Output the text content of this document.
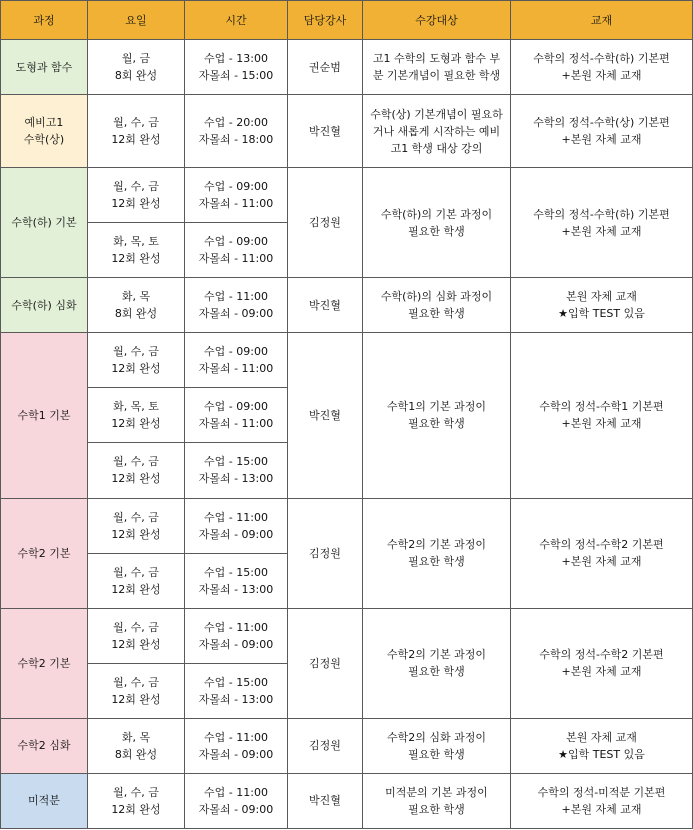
과정	요일	시간	담당강사	수강대상	교재
도형과 함수	월, 금
8회 완성	수업 - 13:00
자몰쇠 - 15:00	권순범	고1 수학의 도형과 함수 부
분 기본개념이 필요한 학생	수학의 정석-수학(하) 기본편
+본원 자체 교재

예비고1
수학(상)	월, 수, 금
12회 완성	수업 - 20:00
자몰쇠 - 18:00	박진혈	수학(상) 기본개념이 필요하
거나 새롭게 시작하는 예비
고1 학생 대상 강의	수학의 정석-수학(상) 기본편
+본원 자체 교재

수학(하) 기본	월, 수, 금
12회 완성	수업 - 09:00
자몰쇠 - 11:00	김정원	수학(하)의 기본 과정이
필요한 학생	수학의 정석-수학(하) 기본편
+본원 자체 교재

	화, 목, 토
12회 완성	수업 - 09:00
자몰쇠 - 11:00			

수학(하) 심화	화, 목
8회 완성	수업 - 11:00
자몰쇠 - 09:00	박진혈	수학(하)의 심화 과정이
필요한 학생	본원 자체 교재
★입학 TEST 있음

수학1 기본	월, 수, 금
12회 완성	수업 - 09:00
자몰쇠 - 11:00	박진혈	수학1의 기본 과정이
필요한 학생	수학의 정석-수학1 기본편
+본원 자체 교재

	화, 목, 토
12회 완성	수업 - 09:00
자몰쇠 - 11:00			

	월, 수, 금
12회 완성	수업 - 15:00
자몰쇠 - 13:00			

수학2 기본	월, 수, 금
12회 완성	수업 - 11:00
자몰쇠 - 09:00	김정원	수학2의 기본 과정이
필요한 학생	수학의 정석-수학2 기본편
+본원 자체 교재

	월, 수, 금
12회 완성	수업 - 15:00
자몰쇠 - 13:00			

수학2 기본	월, 수, 금
12회 완성	수업 - 11:00
자몰쇠 - 09:00	김정원	수학2의 기본 과정이
필요한 학생	수학의 정석-수학2 기본편
+본원 자체 교재

	월, 수, 금
12회 완성	수업 - 15:00
자몰쇠 - 13:00			

수학2 심화	화, 목
8회 완성	수업 - 11:00
자몰쇠 - 09:00	김정원	수학2의 심화 과정이
필요한 학생	본원 자체 교재
★입학 TEST 있음

미적분	월, 수, 금
12회 완성	수업 - 11:00
자몰쇠 - 09:00	박진혈	미적분의 기본 과정이
필요한 학생	수학의 정석-미적분 기본편
+본원 자체 교재
